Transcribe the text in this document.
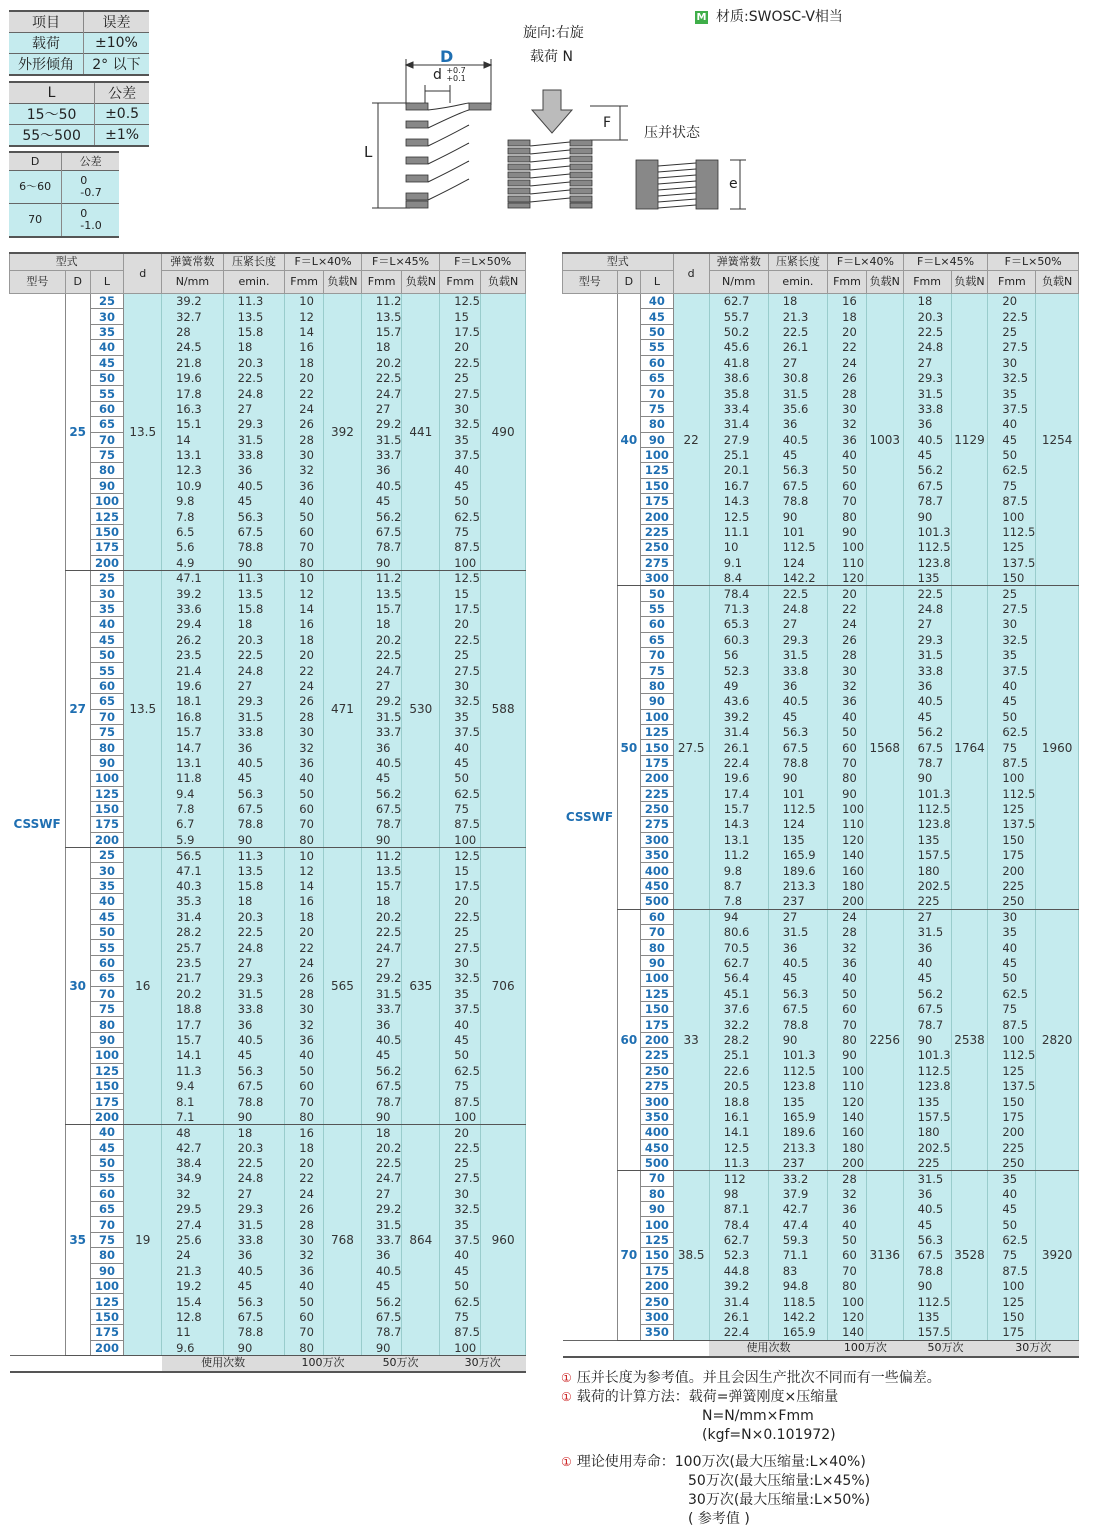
项目	误差
载荷	±10%
外形倾角	2° 以下
L	公差
15～50	±0.5
55～500	±1%
D	公差
6～60	0
-0.7

70	0
-1.0
M 材质:SWOSC-V相当
旋向:右旋
载荷 N
D
d +0.7
+0.1
L
F
压并状态
e
型式			d	弹簧常数	压紧长度	F＝L×40%		F＝L×45%		F＝L×50%	
型号	D	L		N/mm	emin.	Fmm	负载N	Fmm	负载N	Fmm	负载N
CSSWF	25	25	13.5	39.2	11.3	10	392	11.2	441	12.5	490
		30		32.7	13.5	12		13.5		15	
		35		28	15.8	14		15.7		17.5	
		40		24.5	18	16		18		20	
		45		21.8	20.3	18		20.2		22.5	
		50		19.6	22.5	20		22.5		25	
		55		17.8	24.8	22		24.7		27.5	
		60		16.3	27	24		27		30	
		65		15.1	29.3	26		29.2		32.5	
		70		14	31.5	28		31.5		35	
		75		13.1	33.8	30		33.7		37.5	
		80		12.3	36	32		36		40	
		90		10.9	40.5	36		40.5		45	
		100		9.8	45	40		45		50	
		125		7.8	56.3	50		56.2		62.5	
		150		6.5	67.5	60		67.5		75	
		175		5.6	78.8	70		78.7		87.5	
		200		4.9	90	80		90		100	
	27	25	13.5	47.1	11.3	10	471	11.2	530	12.5	588
		30		39.2	13.5	12		13.5		15	
		35		33.6	15.8	14		15.7		17.5	
		40		29.4	18	16		18		20	
		45		26.2	20.3	18		20.2		22.5	
		50		23.5	22.5	20		22.5		25	
		55		21.4	24.8	22		24.7		27.5	
		60		19.6	27	24		27		30	
		65		18.1	29.3	26		29.2		32.5	
		70		16.8	31.5	28		31.5		35	
		75		15.7	33.8	30		33.7		37.5	
		80		14.7	36	32		36		40	
		90		13.1	40.5	36		40.5		45	
		100		11.8	45	40		45		50	
		125		9.4	56.3	50		56.2		62.5	
		150		7.8	67.5	60		67.5		75	
		175		6.7	78.8	70		78.7		87.5	
		200		5.9	90	80		90		100	
	30	25	16	56.5	11.3	10	565	11.2	635	12.5	706
		30		47.1	13.5	12		13.5		15	
		35		40.3	15.8	14		15.7		17.5	
		40		35.3	18	16		18		20	
		45		31.4	20.3	18		20.2		22.5	
		50		28.2	22.5	20		22.5		25	
		55		25.7	24.8	22		24.7		27.5	
		60		23.5	27	24		27		30	
		65		21.7	29.3	26		29.2		32.5	
		70		20.2	31.5	28		31.5		35	
		75		18.8	33.8	30		33.7		37.5	
		80		17.7	36	32		36		40	
		90		15.7	40.5	36		40.5		45	
		100		14.1	45	40		45		50	
		125		11.3	56.3	50		56.2		62.5	
		150		9.4	67.5	60		67.5		75	
		175		8.1	78.8	70		78.7		87.5	
		200		7.1	90	80		90		100	
	35	40	19	48	18	16	768	18	864	20	960
		45		42.7	20.3	18		20.2		22.5	
		50		38.4	22.5	20		22.5		25	
		55		34.9	24.8	22		24.7		27.5	
		60		32	27	24		27		30	
		65		29.5	29.3	26		29.2		32.5	
		70		27.4	31.5	28		31.5		35	
		75		25.6	33.8	30		33.7		37.5	
		80		24	36	32		36		40	
		90		21.3	40.5	36		40.5		45	
		100		19.2	45	40		45		50	
		125		15.4	56.3	50		56.2		62.5	
		150		12.8	67.5	60		67.5		75	
		175		11	78.8	70		78.7		87.5	
		200		9.6	90	80		90		100	
				使用次数		100万次		50万次		30万次	
型式			d	弹簧常数	压紧长度	F＝L×40%		F＝L×45%		F＝L×50%	
型号	D	L		N/mm	emin.	Fmm	负载N	Fmm	负载N	Fmm	负载N
CSSWF	40	40	22	62.7	18	16	1003	18	1129	20	1254
		45		55.7	21.3	18		20.3		22.5	
		50		50.2	22.5	20		22.5		25	
		55		45.6	26.1	22		24.8		27.5	
		60		41.8	27	24		27		30	
		65		38.6	30.8	26		29.3		32.5	
		70		35.8	31.5	28		31.5		35	
		75		33.4	35.6	30		33.8		37.5	
		80		31.4	36	32		36		40	
		90		27.9	40.5	36		40.5		45	
		100		25.1	45	40		45		50	
		125		20.1	56.3	50		56.2		62.5	
		150		16.7	67.5	60		67.5		75	
		175		14.3	78.8	70		78.7		87.5	
		200		12.5	90	80		90		100	
		225		11.1	101	90		101.3		112.5	
		250		10	112.5	100		112.5		125	
		275		9.1	124	110		123.8		137.5	
		300		8.4	142.2	120		135		150	
	50	50	27.5	78.4	22.5	20	1568	22.5	1764	25	1960
		55		71.3	24.8	22		24.8		27.5	
		60		65.3	27	24		27		30	
		65		60.3	29.3	26		29.3		32.5	
		70		56	31.5	28		31.5		35	
		75		52.3	33.8	30		33.8		37.5	
		80		49	36	32		36		40	
		90		43.6	40.5	36		40.5		45	
		100		39.2	45	40		45		50	
		125		31.4	56.3	50		56.2		62.5	
		150		26.1	67.5	60		67.5		75	
		175		22.4	78.8	70		78.7		87.5	
		200		19.6	90	80		90		100	
		225		17.4	101	90		101.3		112.5	
		250		15.7	112.5	100		112.5		125	
		275		14.3	124	110		123.8		137.5	
		300		13.1	135	120		135		150	
		350		11.2	165.9	140		157.5		175	
		400		9.8	189.6	160		180		200	
		450		8.7	213.3	180		202.5		225	
		500		7.8	237	200		225		250	
	60	60	33	94	27	24	2256	27	2538	30	2820
		70		80.6	31.5	28		31.5		35	
		80		70.5	36	32		36		40	
		90		62.7	40.5	36		40		45	
		100		56.4	45	40		45		50	
		125		45.1	56.3	50		56.2		62.5	
		150		37.6	67.5	60		67.5		75	
		175		32.2	78.8	70		78.7		87.5	
		200		28.2	90	80		90		100	
		225		25.1	101.3	90		101.3		112.5	
		250		22.6	112.5	100		112.5		125	
		275		20.5	123.8	110		123.8		137.5	
		300		18.8	135	120		135		150	
		350		16.1	165.9	140		157.5		175	
		400		14.1	189.6	160		180		200	
		450		12.5	213.3	180		202.5		225	
		500		11.3	237	200		225		250	
	70	70	38.5	112	33.2	28	3136	31.5	3528	35	3920
		80		98	37.9	32		36		40	
		90		87.1	42.7	36		40.5		45	
		100		78.4	47.4	40		45		50	
		125		62.7	59.3	50		56.3		62.5	
		150		52.3	71.1	60		67.5		75	
		175		44.8	83	70		78.8		87.5	
		200		39.2	94.8	80		90		100	
		250		31.4	118.5	100		112.5		125	
		300		26.1	142.2	120		135		150	
		350		22.4	165.9	140		157.5		175	
				使用次数		100万次		50万次		30万次	
① 压并长度为参考值。并且会因生产批次不同而有一些偏差。
① 载荷的计算方法：载荷=弹簧刚度×压缩量
N=N/mm×Fmm
(kgf=N×0.101972)
① 理论使用寿命：100万次(最大压缩量:L×40%)
50万次(最大压缩量:L×45%)
30万次(最大压缩量:L×50%)
( 参考值 )
